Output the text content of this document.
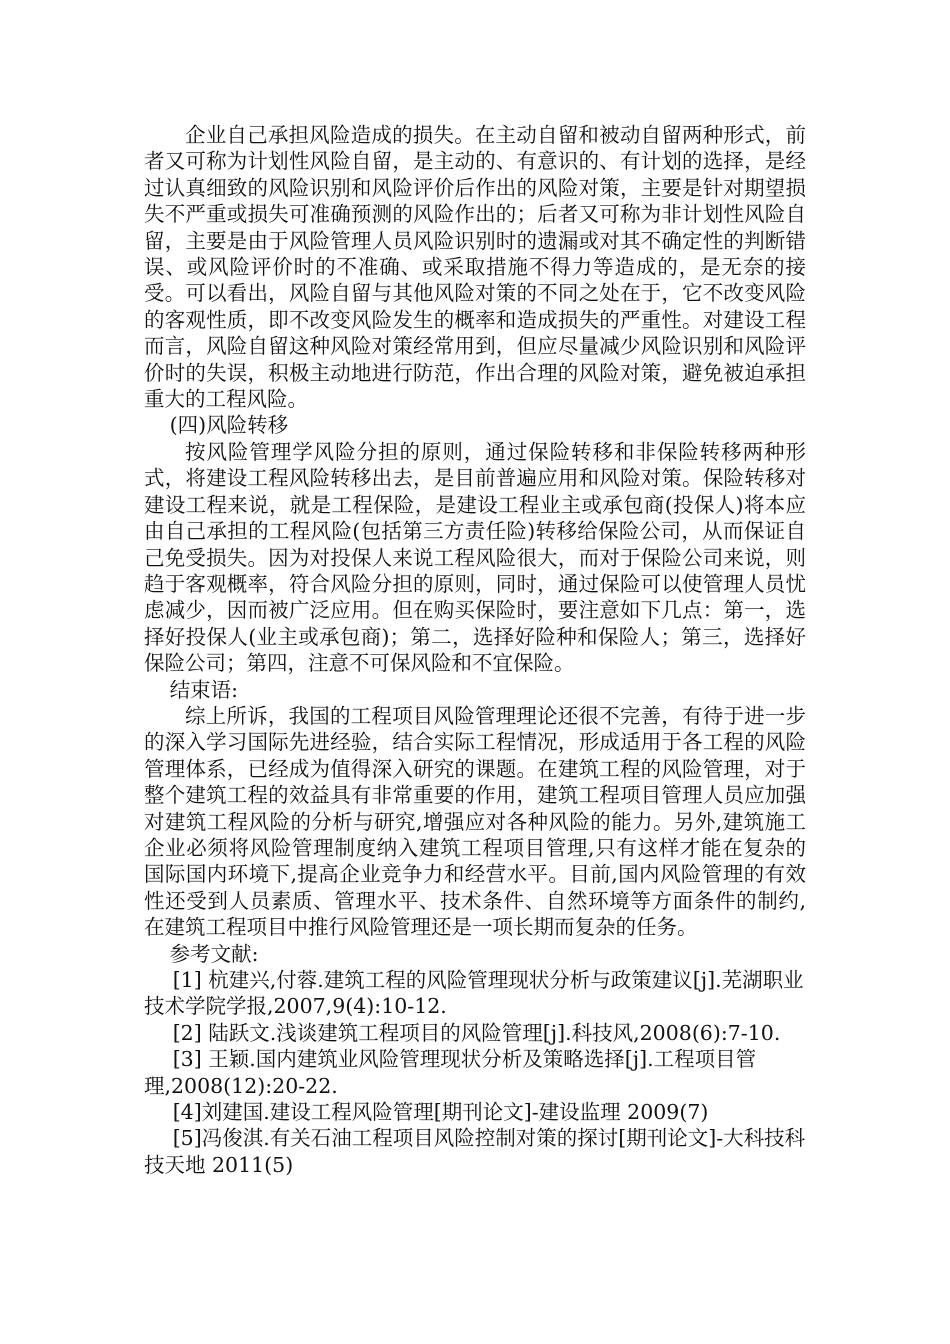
企业自己承担风险造成的损失。在主动自留和被动自留两种形式，前者又可称为计划性风险自留，是主动的、有意识的、有计划的选择，是经过认真细致的风险识别和风险评价后作出的风险对策，主要是针对期望损失不严重或损失可准确预测的风险作出的；后者又可称为非计划性风险自留，主要是由于风险管理人员风险识别时的遗漏或对其不确定性的判断错误、或风险评价时的不准确、或采取措施不得力等造成的，是无奈的接受。可以看出，风险自留与其他风险对策的不同之处在于，它不改变风险的客观性质，即不改变风险发生的概率和造成损失的严重性。对建设工程而言，风险自留这种风险对策经常用到，但应尽量减少风险识别和风险评价时的失误，积极主动地进行防范，作出合理的风险对策，避免被迫承担重大的工程风险。

(四)风险转移

按风险管理学风险分担的原则，通过保险转移和非保险转移两种形式，将建设工程风险转移出去，是目前普遍应用和风险对策。保险转移对建设工程来说，就是工程保险，是建设工程业主或承包商(投保人)将本应由自己承担的工程风险(包括第三方责任险)转移给保险公司，从而保证自己免受损失。因为对投保人来说工程风险很大，而对于保险公司来说，则趋于客观概率，符合风险分担的原则，同时，通过保险可以使管理人员忧虑减少，因而被广泛应用。但在购买保险时，要注意如下几点：第一，选择好投保人(业主或承包商)；第二，选择好险种和保险人；第三，选择好保险公司；第四，注意不可保风险和不宜保险。

结束语:

综上所诉，我国的工程项目风险管理理论还很不完善，有待于进一步的深入学习国际先进经验，结合实际工程情况，形成适用于各工程的风险管理体系，已经成为值得深入研究的课题。在建筑工程的风险管理，对于整个建筑工程的效益具有非常重要的作用，建筑工程项目管理人员应加强对建筑工程风险的分析与研究,增强应对各种风险的能力。另外,建筑施工企业必须将风险管理制度纳入建筑工程项目管理,只有这样才能在复杂的国际国内环境下,提高企业竞争力和经营水平。目前,国内风险管理的有效性还受到人员素质、管理水平、技术条件、自然环境等方面条件的制约,在建筑工程项目中推行风险管理还是一项长期而复杂的任务。

参考文献:

[1] 杭建兴,付蓉.建筑工程的风险管理现状分析与政策建议[j].芜湖职业技术学院学报,2007,9(4):10-12.

[2] 陆跃文.浅谈建筑工程项目的风险管理[j].科技风,2008(6):7-10.

[3] 王颖.国内建筑业风险管理现状分析及策略选择[j].工程项目管理,2008(12):20-22.

[4]刘建国.建设工程风险管理[期刊论文]-建设监理 2009(7)

[5]冯俊淇.有关石油工程项目风险控制对策的探讨[期刊论文]-大科技科技天地 2011(5)
